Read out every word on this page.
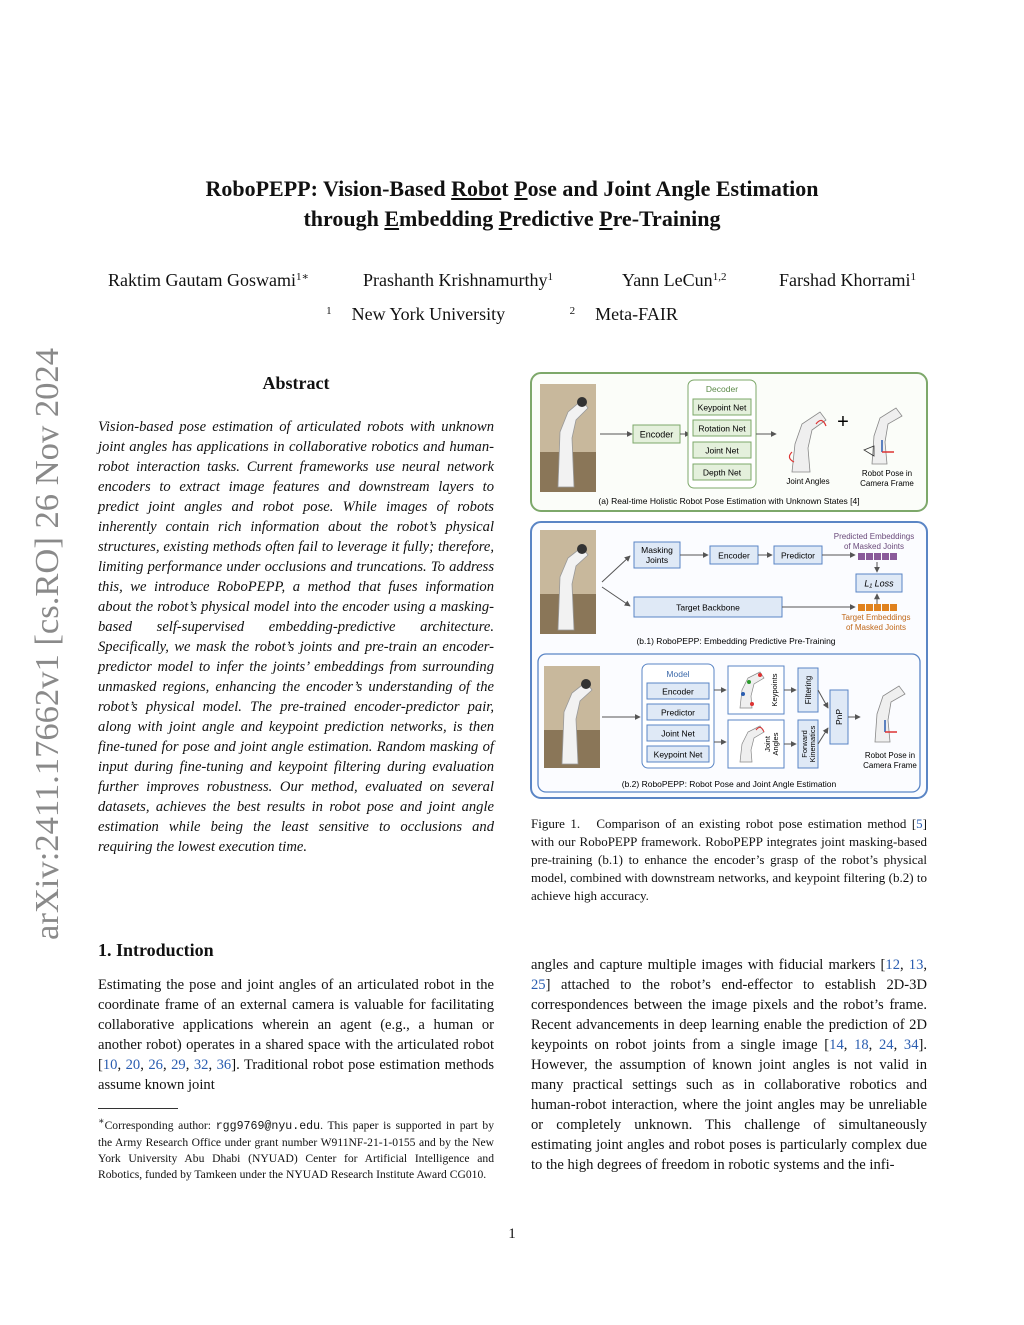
arXiv:2411.17662v1 [cs.RO] 26 Nov 2024
RoboPEPP: Vision-Based Robot Pose and Joint Angle Estimation
through Embedding Predictive Pre-Training
Raktim Gautam Goswami$^{1∗}$	Prashanth Krishnamurthy$^1$	Yann LeCun$^{1,2}$	Farshad Khorrami$^1$
$^1$ New York University	$^2$ Meta-FAIR
Abstract
Vision-based pose estimation of articulated robots with unknown joint angles has applications in collaborative robotics and human-robot interaction tasks. Current frameworks use neural network encoders to extract image features and downstream layers to predict joint angles and robot pose. While images of robots inherently contain rich information about the robot’s physical structures, existing methods often fail to leverage it fully; therefore, limiting performance under occlusions and truncations. To address this, we introduce RoboPEPP, a method that fuses information about the robot’s physical model into the encoder using a masking-based self-supervised embedding-predictive architecture. Specifically, we mask the robot’s joints and pre-train an encoder-predictor model to infer the joints’ embeddings from surrounding unmasked regions, enhancing the encoder’s understanding of the robot’s physical model. The pre-trained encoder-predictor pair, along with joint angle and keypoint prediction networks, is then fine-tuned for pose and joint angle estimation. Random masking of input during fine-tuning and keypoint filtering during evaluation further improves robustness. Our method, evaluated on several datasets, achieves the best results in robot pose and joint angle estimation while being the least sensitive to occlusions and requiring the lowest execution time.
1. Introduction
Estimating the pose and joint angles of an articulated robot in the coordinate frame of an external camera is valuable for facilitating collaborative applications wherein an agent (e.g., a human or another robot) operates in a shared space with the articulated robot [10, 20, 26, 29, 32, 36]. Traditional robot pose estimation methods assume known joint
∗Corresponding author: rgg9769@nyu.edu. This paper is supported in part by the Army Research Office under grant number W911NF-21-1-0155 and by the New York University Abu Dhabi (NYUAD) Center for Artificial Intelligence and Robotics, funded by Tamkeen under the NYUAD Research Institute Award CG010.
angles and capture multiple images with fiducial markers [12, 13, 25] attached to the robot’s end-effector to establish 2D-3D correspondences between the image pixels and the robot’s frame. Recent advancements in deep learning enable the prediction of 2D keypoints on robot joints from a single image [14, 18, 24, 34]. However, the assumption of known joint angles is not valid in many practical settings such as in collaborative robotics and human-robot interaction, where the joint angles may be unreliable or completely unknown. This challenge of simultaneously estimating joint angles and robot poses is particularly complex due to the high degrees of freedom in robotic systems and the infi-
Figure 1. Comparison of an existing robot pose estimation method [5] with our RoboPEPP framework. RoboPEPP integrates joint masking-based pre-training (b.1) to enhance the encoder’s grasp of the robot’s physical model, combined with downstream networks, and keypoint filtering (b.2) to achieve high accuracy.
Encoder
Decoder
Keypoint Net
Rotation Net
Joint Net
Depth Net
Joint Angles
+
Robot Pose in
Camera Frame
(a) Real-time Holistic Robot Pose Estimation with Unknown States [4]
Masking
Joints	Encoder	Predictor
Predicted Embeddings
of Masked Joints
L₁ Loss
Target Backbone
Target Embeddings
of Masked Joints
(b.1) RoboPEPP: Embedding Predictive Pre-Training
Model
Encoder
Predictor
Joint Net
Keypoint Net
Keypoints
Joint Angles
Filtering
Forward Kinematics
PnP
Robot Pose in
Camera Frame
(b.2) RoboPEPP: Robot Pose and Joint Angle Estimation
1
